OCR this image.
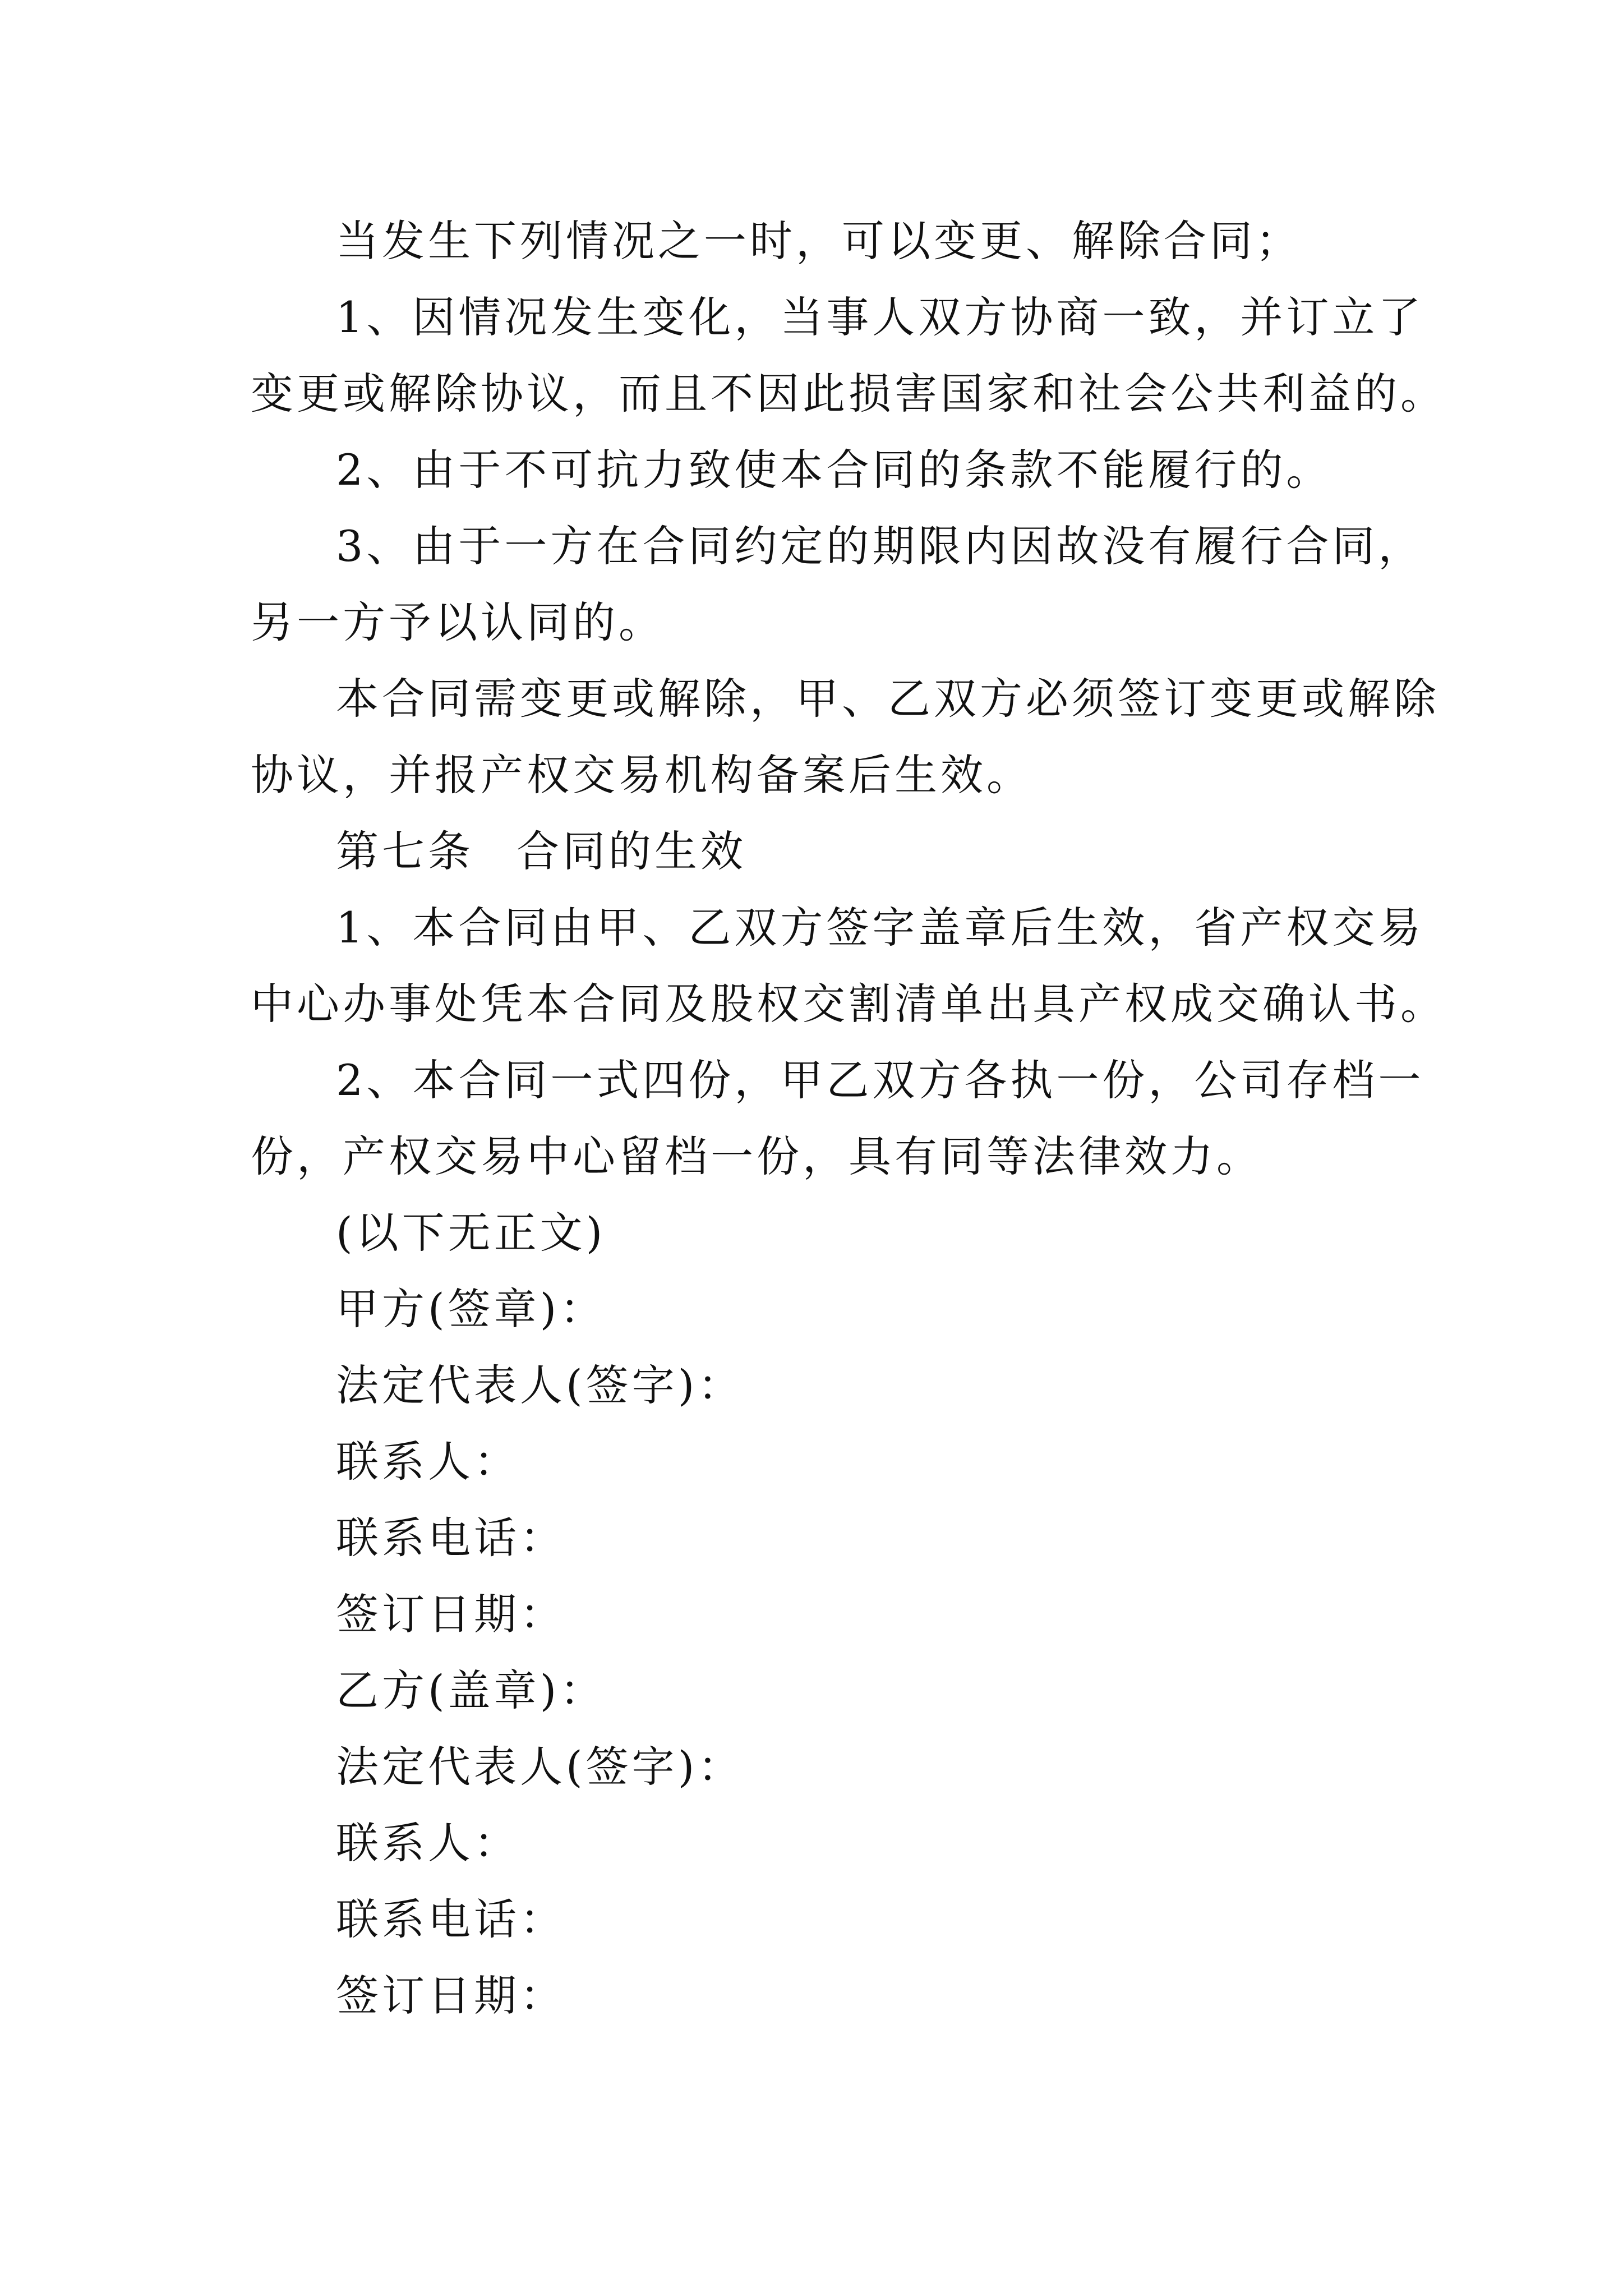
当发生下列情况之一时，可以变更、解除合同；
1、因情况发生变化，当事人双方协商一致，并订立了
变更或解除协议，而且不因此损害国家和社会公共利益的。
2、由于不可抗力致使本合同的条款不能履行的。
3、由于一方在合同约定的期限内因故没有履行合同，
另一方予以认同的。
本合同需变更或解除，甲、乙双方必须签订变更或解除
协议，并报产权交易机构备案后生效。
第七条 合同的生效
1、本合同由甲、乙双方签字盖章后生效，省产权交易
中心办事处凭本合同及股权交割清单出具产权成交确认书。
2、本合同一式四份，甲乙双方各执一份，公司存档一
份，产权交易中心留档一份，具有同等法律效力。
(以下无正文)
甲方(签章)：
法定代表人(签字)：
联系人：
联系电话：
签订日期：
乙方(盖章)：
法定代表人(签字)：
联系人：
联系电话：
签订日期：
